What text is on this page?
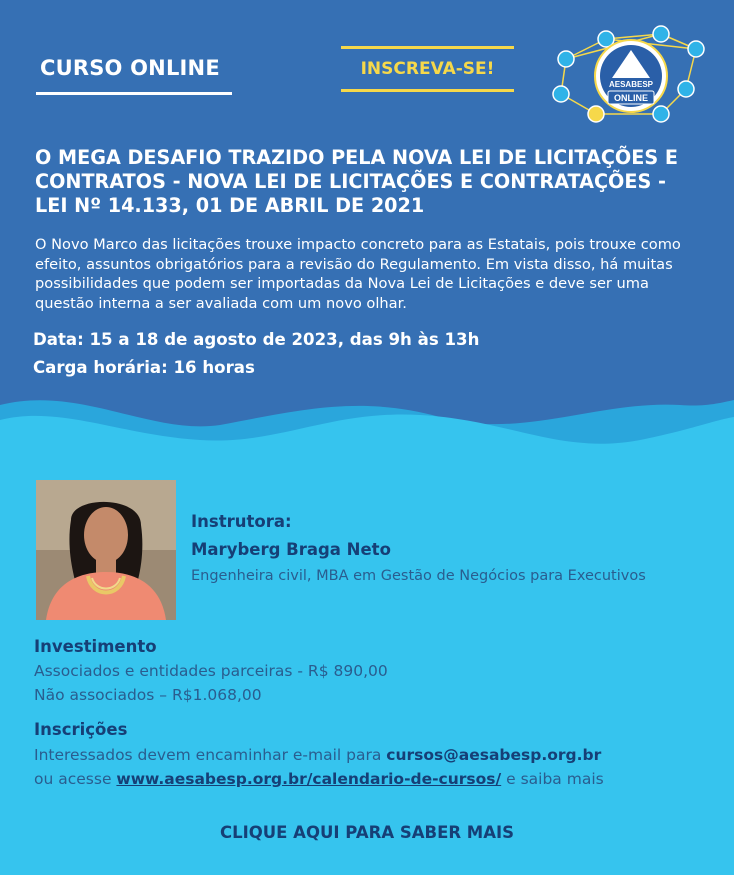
CURSO ONLINE	INSCREVA-SE!
AESABESP
ONLINE
O MEGA DESAFIO TRAZIDO PELA NOVA LEI DE LICITAÇÕES E CONTRATOS - NOVA LEI DE LICITAÇÕES E CONTRATAÇÕES - LEI Nº 14.133, 01 DE ABRIL DE 2021
O Novo Marco das licitações trouxe impacto concreto para as Estatais, pois trouxe como efeito, assuntos obrigatórios para a revisão do Regulamento. Em vista disso, há muitas possibilidades que podem ser importadas da Nova Lei de Licitações e deve ser uma questão interna a ser avaliada com um novo olhar.
Data: 15 a 18 de agosto de 2023, das 9h às 13h
Carga horária: 16 horas
Instrutora:
Maryberg Braga Neto
Engenheira civil, MBA em Gestão de Negócios para Executivos
Investimento
Associados e entidades parceiras - R$ 890,00
Não associados – R$1.068,00
Inscrições
Interessados devem encaminhar e-mail para cursos@aesabesp.org.br
ou acesse www.aesabesp.org.br/calendario-de-cursos/ e saiba mais
CLIQUE AQUI PARA SABER MAIS
